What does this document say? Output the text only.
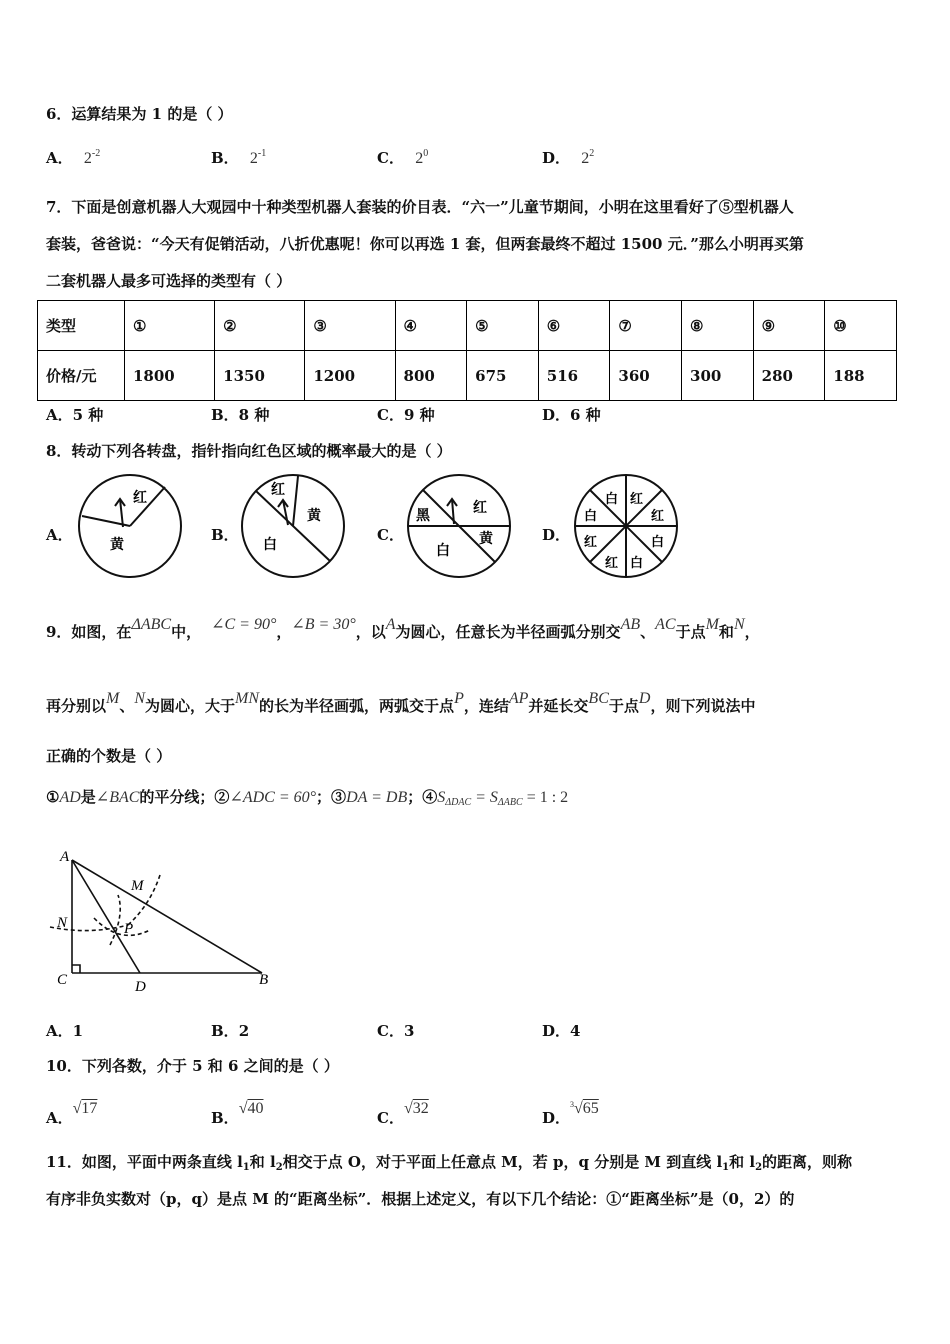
6．运算结果为 1 的是（ ）
A． $2^{-2}$	B． $2^{-1}$	C． $2^0$	D． $2^2$
7．下面是创意机器人大观园中十种类型机器人套装的价目表．“六一”儿童节期间，小明在这里看好了⑤型机器人
套装，爸爸说：“今天有促销活动，八折优惠呢！你可以再选 1 套，但两套最终不超过 1500 元．”那么小明再买第
二套机器人最多可选择的类型有（ ）
类型	①	②	③	④	⑤	⑥	⑦	⑧	⑨	⑩
价格/元	1800	1350	1200	800	675	516	360	300	280	188
A．5 种	B．8 种	C．9 种	D．6 种
8．转动下列各转盘，指针指向红色区域的概率最大的是（ ）
A．	B．	C．	D．
红
黄
红
黄
白
黑	红
黄
白
白 红
白	红
红	白
红 白
A
M
N	P
C	D	B
9．如图，在ΔABC中， ∠C = 90°，∠B = 30°，以A为圆心，任意长为半径画弧分别交AB、AC于点M和N，
再分别以M、N为圆心，大于MN的长为半径画弧，两弧交于点P，连结AP并延长交BC于点D，则下列说法中
正确的个数是（ ）
①AD是∠BAC的平分线；②∠ADC = 60°；③DA = DB；$④S_{\Delta DAC} = S_{\Delta ABC} = 1$ : 2
A．1	B．2	C．3	D．4
10．下列各数，介于 5 和 6 之间的是（ ）
A．√17
B．√40
C．√32
D．$^3$√65
11．如图，平面中两条直线 $l_1$和 $l_2$相交于点 O，对于平面上任意点 M，若 p，q 分别是 M 到直线 $l_1$和 $l_2$的距离，则称
有序非负实数对（p，q）是点 M 的“距离坐标”．根据上述定义，有以下几个结论：①“距离坐标”是（0，2）的
